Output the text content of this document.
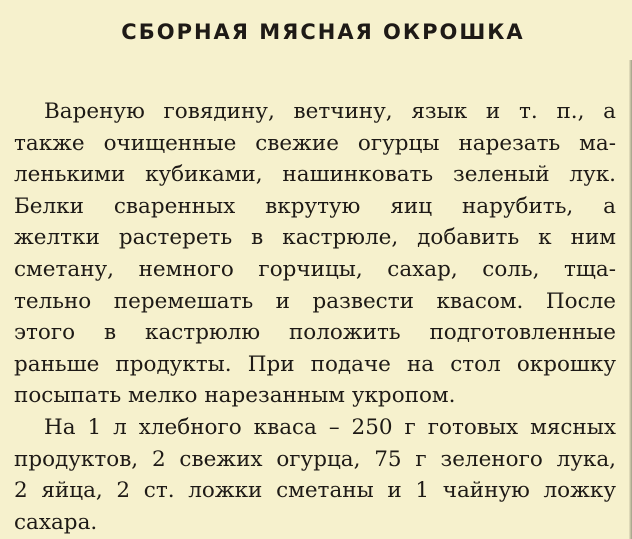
СБОРНАЯ МЯСНАЯ ОКРОШКА

Вареную говядину, ветчину, язык и т. п., а
также очищенные свежие огурцы нарезать ма-
ленькими кубиками, нашинковать зеленый лук.
Белки сваренных вкрутую яиц нарубить, а
желтки растереть в кастрюле, добавить к ним
сметану, немного горчицы, сахар, соль, тща-
тельно перемешать и развести квасом. После
этого в кастрюлю положить подготовленные
раньше продукты. При подаче на стол окрошку
посыпать мелко нарезанным укропом.

На 1 л хлебного кваса – 250 г готовых мясных
продуктов, 2 свежих огурца, 75 г зеленого лука,
2 яйца, 2 ст. ложки сметаны и 1 чайную ложку
сахара.
